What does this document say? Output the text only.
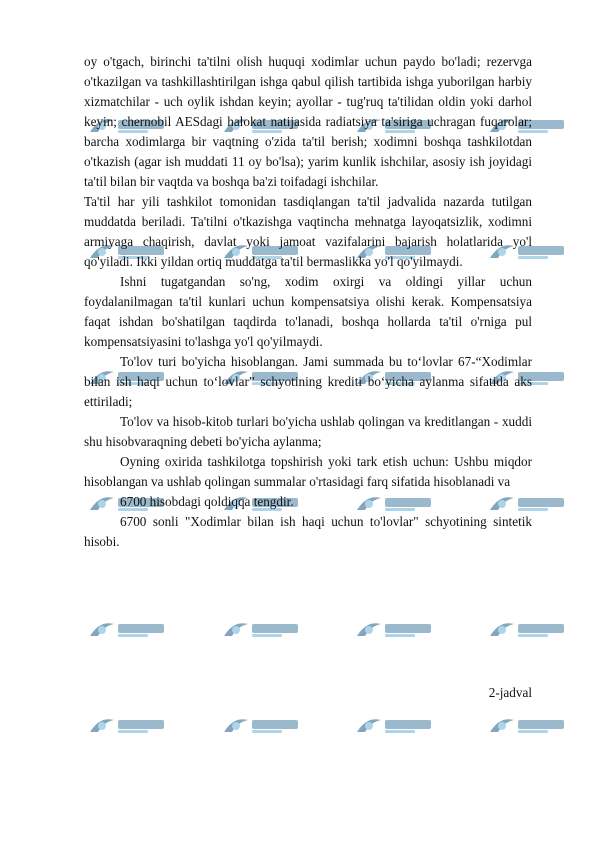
oy o'tgach, birinchi ta'tilni olish huquqi xodimlar uchun paydo bo'ladi; rezervga o'tkazilgan va tashkillashtirilgan ishga qabul qilish tartibida ishga yuborilgan harbiy xizmatchilar - uch oylik ishdan keyin; ayollar - tug'ruq ta'tilidan oldin yoki darhol keyin; chernobil AESdagi halokat natijasida radiatsiya ta'siriga uchragan fuqarolar; barcha xodimlarga bir vaqtning o'zida ta'til berish; xodimni boshqa tashkilotdan o'tkazish (agar ish muddati 11 oy bo'lsa); yarim kunlik ishchilar, asosiy ish joyidagi ta'til bilan bir vaqtda va boshqa ba'zi toifadagi ishchilar.

Ta'til har yili tashkilot tomonidan tasdiqlangan ta'til jadvalida nazarda tutilgan muddatda beriladi. Ta'tilni o'tkazishga vaqtincha mehnatga layoqatsizlik, xodimni armiyaga chaqirish, davlat yoki jamoat vazifalarini bajarish holatlarida yo'l qo'yiladi. Ikki yildan ortiq muddatga ta'til bermaslikka yo'l qo'yilmaydi.

Ishni tugatgandan so'ng, xodim oxirgi va oldingi yillar uchun foydalanilmagan ta'til kunlari uchun kompensatsiya olishi kerak. Kompensatsiya faqat ishdan bo'shatilgan taqdirda to'lanadi, boshqa hollarda ta'til o'rniga pul kompensatsiyasini to'lashga yo'l qo'yilmaydi.

To'lov turi bo'yicha hisoblangan. Jami summada bu to‘lovlar 67-“Xodimlar bilan ish haqi uchun to‘lovlar” schyotining krediti bo‘yicha aylanma sifatida aks ettiriladi;

To'lov va hisob-kitob turlari bo'yicha ushlab qolingan va kreditlangan - xuddi shu hisobvaraqning debeti bo'yicha aylanma;

Oyning oxirida tashkilotga topshirish yoki tark etish uchun: Ushbu miqdor hisoblangan va ushlab qolingan summalar o'rtasidagi farq sifatida hisoblanadi va

6700 hisobdagi qoldiqqa tengdir.

6700 sonli "Xodimlar bilan ish haqi uchun to'lovlar" schyotining sintetik hisobi.

2-jadval
